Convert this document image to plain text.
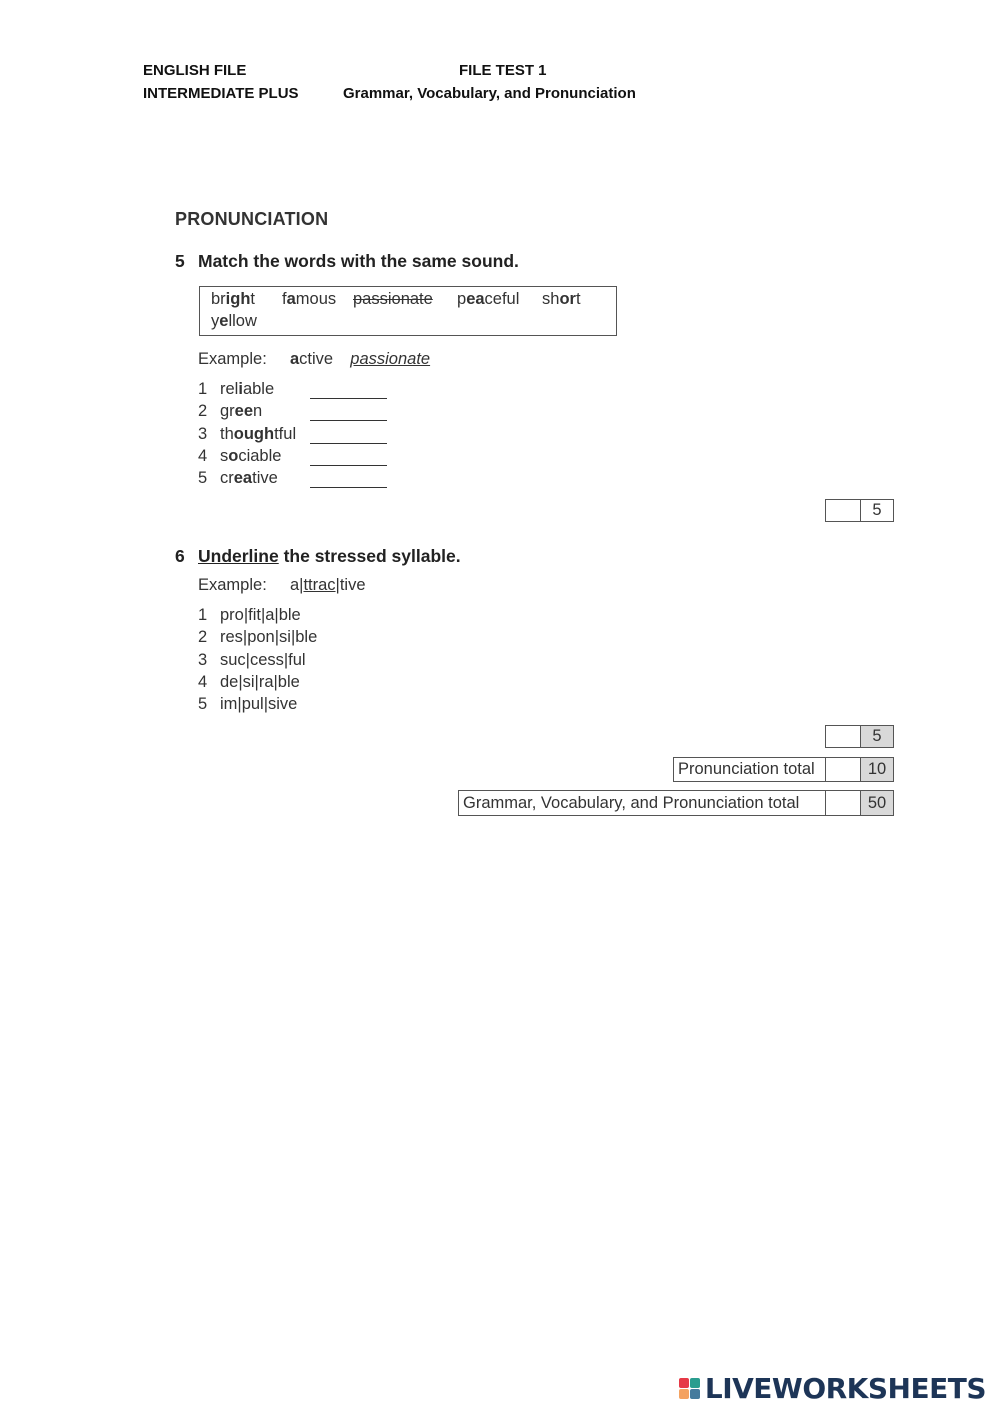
ENGLISH FILE
INTERMEDIATE PLUS
FILE TEST 1
Grammar, Vocabulary, and Pronunciation
PRONUNCIATION
5 Match the words with the same sound.
bright famous passionate peaceful short
yellow
Example: active passionate
1 reliable
2 green
3 thoughtful
4 sociable
5 creative
5
6 Underline the stressed syllable.
Example: a|ttrac|tive
1 pro|fit|a|ble
2 res|pon|si|ble
3 suc|cess|ful
4 de|si|ra|ble
5 im|pul|sive
5
Pronunciation total	10
Grammar, Vocabulary, and Pronunciation total	50
LIVEWORKSHEETS
